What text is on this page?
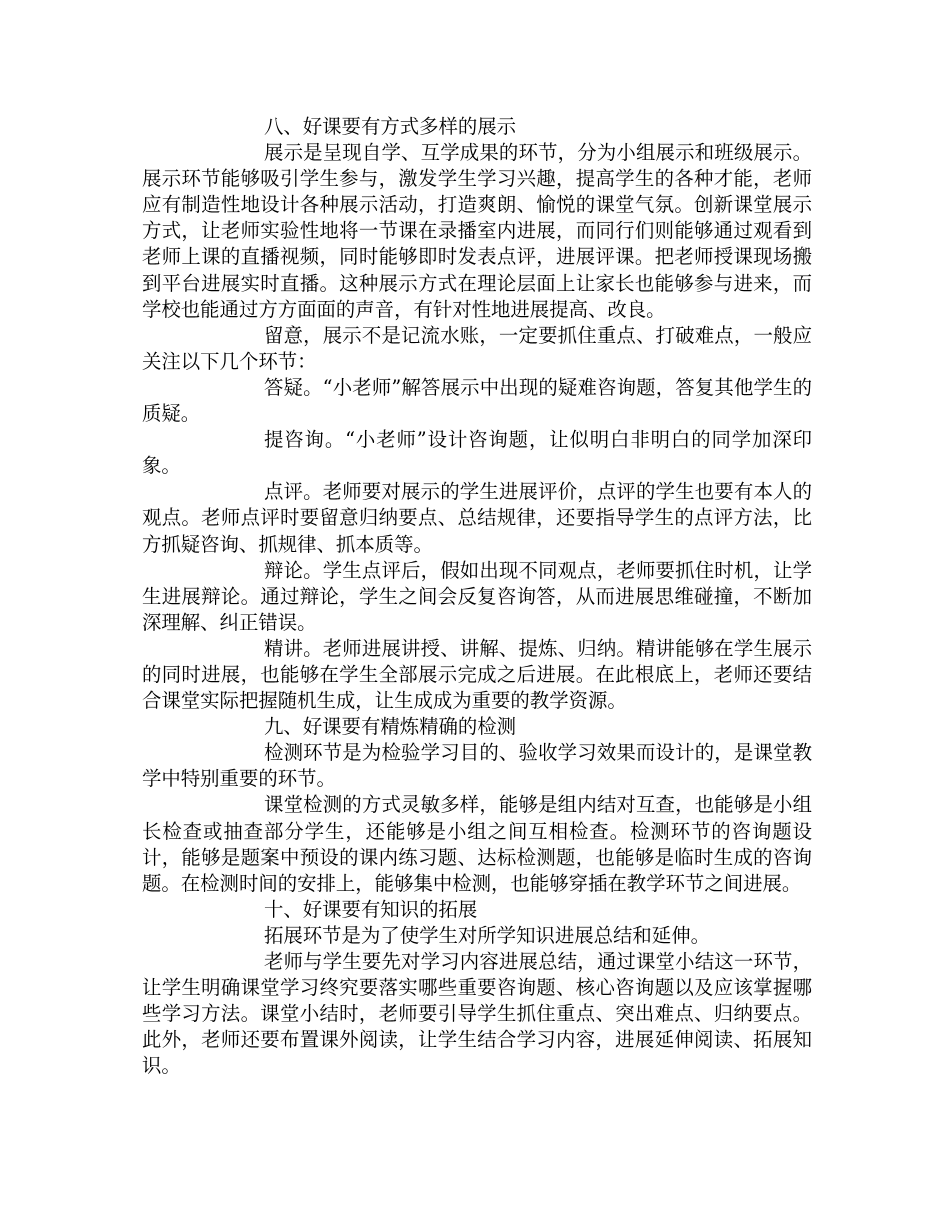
八、好课要有方式多样的展示

展示是呈现自学、互学成果的环节，分为小组展示和班级展示。展示环节能够吸引学生参与，激发学生学习兴趣，提高学生的各种才能，老师应有制造性地设计各种展示活动，打造爽朗、愉悦的课堂气氛。创新课堂展示方式，让老师实验性地将一节课在录播室内进展，而同行们则能够通过观看到老师上课的直播视频，同时能够即时发表点评，进展评课。把老师授课现场搬到平台进展实时直播。这种展示方式在理论层面上让家长也能够参与进来，而学校也能通过方方面面的声音，有针对性地进展提高、改良。

留意，展示不是记流水账，一定要抓住重点、打破难点，一般应关注以下几个环节：

答疑。“小老师”解答展示中出现的疑难咨询题，答复其他学生的质疑。

提咨询。“小老师”设计咨询题，让似明白非明白的同学加深印象。

点评。老师要对展示的学生进展评价，点评的学生也要有本人的观点。老师点评时要留意归纳要点、总结规律，还要指导学生的点评方法，比方抓疑咨询、抓规律、抓本质等。

辩论。学生点评后，假如出现不同观点，老师要抓住时机，让学生进展辩论。通过辩论，学生之间会反复咨询答，从而进展思维碰撞，不断加深理解、纠正错误。

精讲。老师进展讲授、讲解、提炼、归纳。精讲能够在学生展示的同时进展，也能够在学生全部展示完成之后进展。在此根底上，老师还要结合课堂实际把握随机生成，让生成成为重要的教学资源。

九、好课要有精炼精确的检测

检测环节是为检验学习目的、验收学习效果而设计的，是课堂教学中特别重要的环节。

课堂检测的方式灵敏多样，能够是组内结对互查，也能够是小组长检查或抽查部分学生，还能够是小组之间互相检查。检测环节的咨询题设计，能够是题案中预设的课内练习题、达标检测题，也能够是临时生成的咨询题。在检测时间的安排上，能够集中检测，也能够穿插在教学环节之间进展。

十、好课要有知识的拓展

拓展环节是为了使学生对所学知识进展总结和延伸。

老师与学生要先对学习内容进展总结，通过课堂小结这一环节，让学生明确课堂学习终究要落实哪些重要咨询题、核心咨询题以及应该掌握哪些学习方法。课堂小结时，老师要引导学生抓住重点、突出难点、归纳要点。此外，老师还要布置课外阅读，让学生结合学习内容，进展延伸阅读、拓展知识。
